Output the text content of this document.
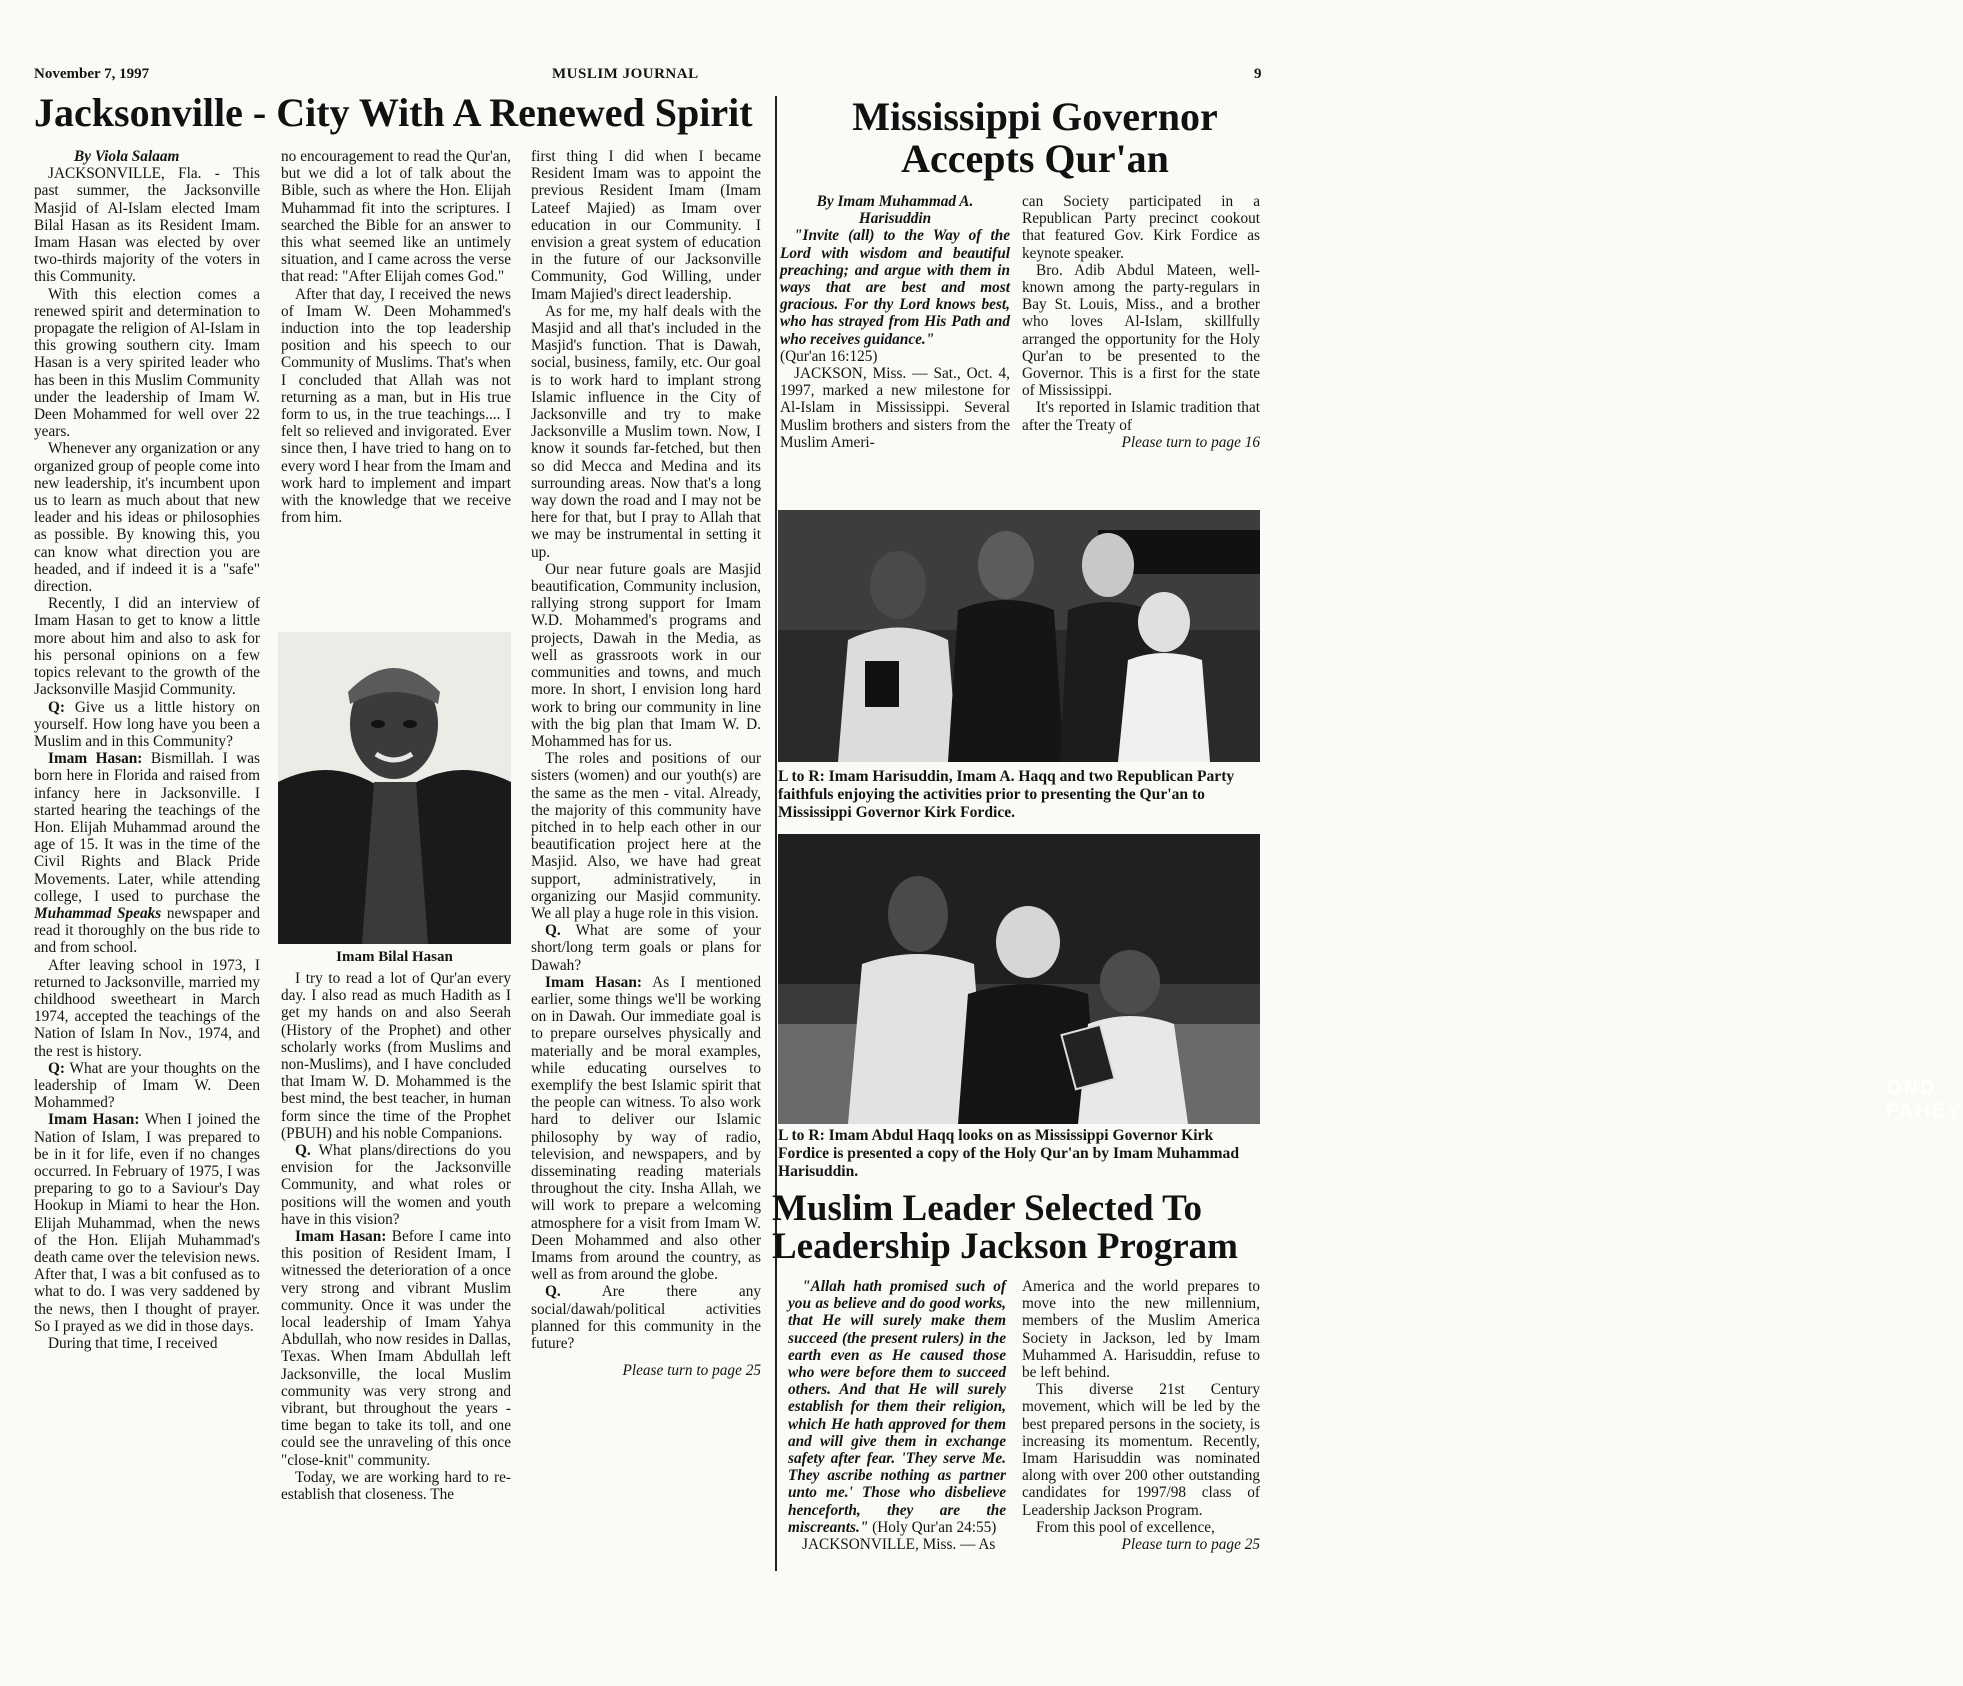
November 7, 1997	MUSLIM JOURNAL	9
Jacksonville - City With A Renewed Spirit

By Viola Salaam

JACKSONVILLE, Fla. - This past summer, the Jacksonville Masjid of Al-Islam elected Imam Bilal Hasan as its Resident Imam. Imam Hasan was elected by over two-thirds majority of the voters in this Community.

With this election comes a renewed spirit and determination to propagate the religion of Al-Islam in this growing southern city. Imam Hasan is a very spirited leader who has been in this Muslim Community under the leadership of Imam W. Deen Mohammed for well over 22 years.

Whenever any organization or any organized group of people come into new leadership, it's incumbent upon us to learn as much about that new leader and his ideas or philosophies as possible. By knowing this, you can know what direction you are headed, and if indeed it is a "safe" direction.

Recently, I did an interview of Imam Hasan to get to know a little more about him and also to ask for his personal opinions on a few topics relevant to the growth of the Jacksonville Masjid Community.

Q: Give us a little history on yourself. How long have you been a Muslim and in this Community?

Imam Hasan: Bismillah. I was born here in Florida and raised from infancy here in Jacksonville. I started hearing the teachings of the Hon. Elijah Muhammad around the age of 15. It was in the time of the Civil Rights and Black Pride Movements. Later, while attending college, I used to purchase the Muhammad Speaks newspaper and read it thoroughly on the bus ride to and from school.

After leaving school in 1973, I returned to Jacksonville, married my childhood sweetheart in March 1974, accepted the teachings of the Nation of Islam In Nov., 1974, and the rest is history.

Q: What are your thoughts on the leadership of Imam W. Deen Mohammed?

Imam Hasan: When I joined the Nation of Islam, I was prepared to be in it for life, even if no changes occurred. In February of 1975, I was preparing to go to a Saviour's Day Hookup in Miami to hear the Hon. Elijah Muhammad, when the news of the Hon. Elijah Muhammad's death came over the television news. After that, I was a bit confused as to what to do. I was very saddened by the news, then I thought of prayer. So I prayed as we did in those days.

During that time, I received

no encouragement to read the Qur'an, but we did a lot of talk about the Bible, such as where the Hon. Elijah Muhammad fit into the scriptures. I searched the Bible for an answer to this what seemed like an untimely situation, and I came across the verse that read: "After Elijah comes God."

After that day, I received the news of Imam W. Deen Mohammed's induction into the top leadership position and his speech to our Community of Muslims. That's when I concluded that Allah was not returning as a man, but in His true form to us, in the true teachings.... I felt so relieved and invigorated. Ever since then, I have tried to hang on to every word I hear from the Imam and work hard to implement and impart with the knowledge that we receive from him.

Imam Bilal Hasan

I try to read a lot of Qur'an every day. I also read as much Hadith as I get my hands on and also Seerah (History of the Prophet) and other scholarly works (from Muslims and non-Muslims), and I have concluded that Imam W. D. Mohammed is the best mind, the best teacher, in human form since the time of the Prophet (PBUH) and his noble Companions.

Q. What plans/directions do you envision for the Jacksonville Community, and what roles or positions will the women and youth have in this vision?

Imam Hasan: Before I came into this position of Resident Imam, I witnessed the deterioration of a once very strong and vibrant Muslim community. Once it was under the local leadership of Imam Yahya Abdullah, who now resides in Dallas, Texas. When Imam Abdullah left Jacksonville, the local Muslim community was very strong and vibrant, but throughout the years - time began to take its toll, and one could see the unraveling of this once "close-knit" community.

Today, we are working hard to re-establish that closeness. The

first thing I did when I became Resident Imam was to appoint the previous Resident Imam (Imam Lateef Majied) as Imam over education in our Community. I envision a great system of education in the future of our Jacksonville Community, God Willing, under Imam Majied's direct leadership.

As for me, my half deals with the Masjid and all that's included in the Masjid's function. That is Dawah, social, business, family, etc. Our goal is to work hard to implant strong Islamic influence in the City of Jacksonville and try to make Jacksonville a Muslim town. Now, I know it sounds far-fetched, but then so did Mecca and Medina and its surrounding areas. Now that's a long way down the road and I may not be here for that, but I pray to Allah that we may be instrumental in setting it up.

Our near future goals are Masjid beautification, Community inclusion, rallying strong support for Imam W.D. Mohammed's programs and projects, Dawah in the Media, as well as grassroots work in our communities and towns, and much more. In short, I envision long hard work to bring our community in line with the big plan that Imam W. D. Mohammed has for us.

The roles and positions of our sisters (women) and our youth(s) are the same as the men - vital. Already, the majority of this community have pitched in to help each other in our beautification project here at the Masjid. Also, we have had great support, administratively, in organizing our Masjid community. We all play a huge role in this vision.

Q. What are some of your short/long term goals or plans for Dawah?

Imam Hasan: As I mentioned earlier, some things we'll be working on in Dawah. Our immediate goal is to prepare ourselves physically and materially and be moral examples, while educating ourselves to exemplify the best Islamic spirit that the people can witness. To also work hard to deliver our Islamic philosophy by way of radio, television, and newspapers, and by disseminating reading materials throughout the city. Insha Allah, we will work to prepare a welcoming atmosphere for a visit from Imam W. Deen Mohammed and also other Imams from around the country, as well as from around the globe.

Q.	Are there any social/dawah/political activities planned for this community in the future?

Please turn to page 25

Mississippi Governor Accepts Qur'an

By Imam Muhammad A. Harisuddin

"Invite (all) to the Way of the Lord with wisdom and beautiful preaching; and argue with them in ways that are best and most gracious. For thy Lord knows best, who has strayed from His Path and who receives guidance."

(Qur'an 16:125)

JACKSON, Miss. — Sat., Oct. 4, 1997, marked a new milestone for Al-Islam in Mississippi. Several Muslim brothers and sisters from the Muslim Ameri-

can Society participated in a Republican Party precinct cookout that featured Gov. Kirk Fordice as keynote speaker.

Bro. Adib Abdul Mateen, well-known among the party-regulars in Bay St. Louis, Miss., and a brother who loves Al-Islam, skillfully arranged the opportunity for the Holy Qur'an to be presented to the Governor. This is a first for the state of Mississippi.

It's reported in Islamic tradition that after the Treaty of

Please turn to page 16

OND FAHEY
L to R: Imam Harisuddin, Imam A. Haqq and two Republican Party faithfuls enjoying the activities prior to presenting the Qur'an to Mississippi Governor Kirk Fordice.
L to R: Imam Abdul Haqq looks on as Mississippi Governor Kirk Fordice is presented a copy of the Holy Qur'an by Imam Muhammad Harisuddin.
Muslim Leader Selected To Leadership Jackson Program

"Allah hath promised such of you as believe and do good works, that He will surely make them succeed (the present rulers) in the earth even as He caused those who were before them to succeed others. And that He will surely establish for them their religion, which He hath approved for them and will give them in exchange safety after fear. 'They serve Me. They ascribe nothing as partner unto me.' Those who disbelieve henceforth, they are the miscreants." (Holy Qur'an 24:55)

JACKSONVILLE, Miss. — As

America and the world prepares to move into the new millennium, members of the Muslim America Society in Jackson, led by Imam Muhammed A. Harisuddin, refuse to be left behind.

This diverse 21st Century movement, which will be led by the best prepared persons in the society, is increasing its momentum. Recently, Imam Harisuddin was nominated along with over 200 other outstanding candidates for 1997/98 class of Leadership Jackson Program.

From this pool of excellence,

Please turn to page 25
